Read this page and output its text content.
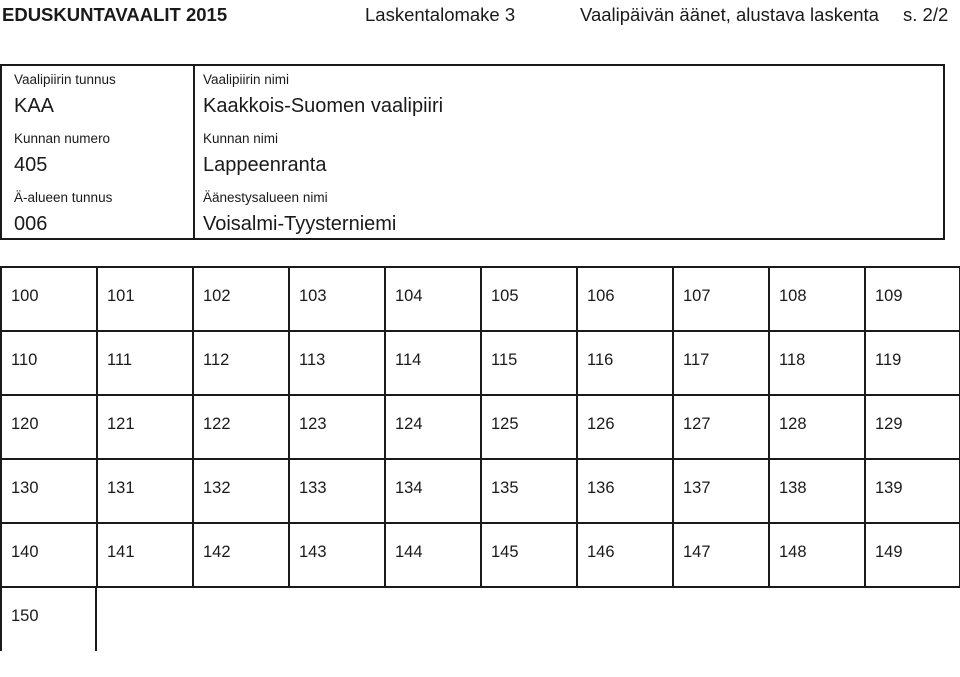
EDUSKUNTAVAALIT 2015	Laskentalomake 3	Vaalipäivän äänet, alustava laskenta s. 2/2
Vaalipiirin tunnus
KAA
Vaalipiirin nimi
Kaakkois-Suomen vaalipiiri
Kunnan numero
405
Kunnan nimi
Lappeenranta
Ä-alueen tunnus
006
Äänestysalueen nimi
Voisalmi-Tyysterniemi
100	101	102	103	104	105	106	107	108	109
110	111	112	113	114	115	116	117	118	119
120	121	122	123	124	125	126	127	128	129
130	131	132	133	134	135	136	137	138	139
140	141	142	143	144	145	146	147	148	149
150
